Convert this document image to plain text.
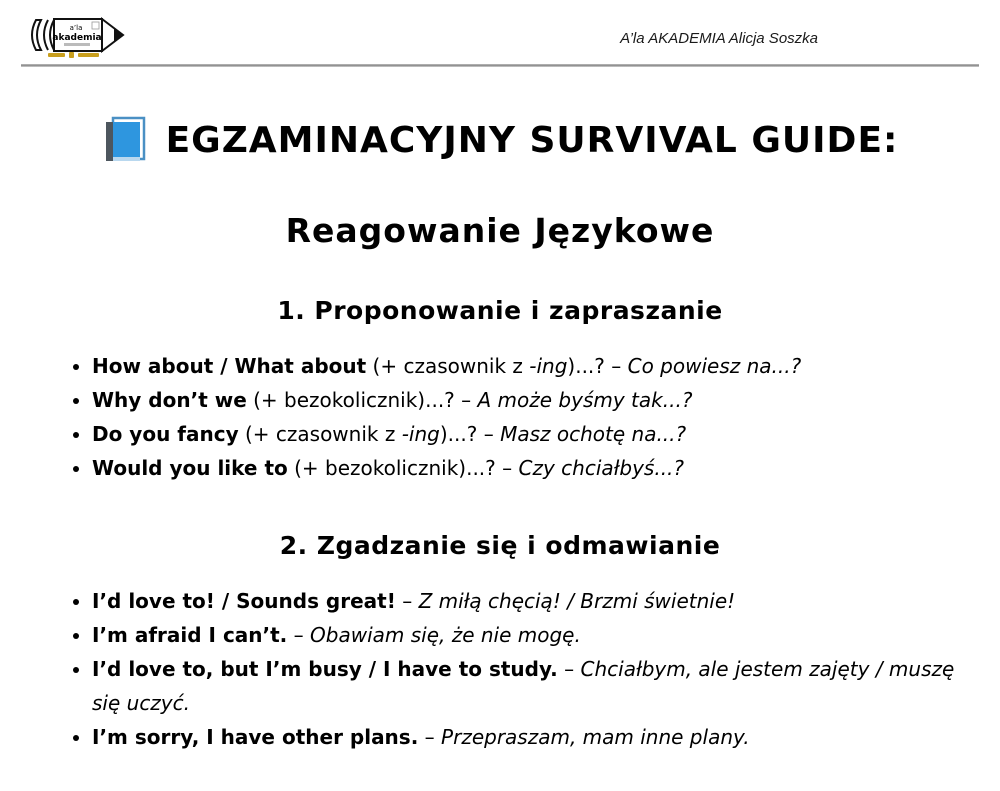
a’la
akademia	A’la AKADEMIA Alicja Soszka
EGZAMINACYJNY SURVIVAL GUIDE:
Reagowanie Językowe
1. Proponowanie i zapraszanie
• How about / What about (+ czasownik z -ing)...? – Co powiesz na...?
• Why don’t we (+ bezokolicznik)...? – A może byśmy tak...?
• Do you fancy (+ czasownik z -ing)...? – Masz ochotę na...?
• Would you like to (+ bezokolicznik)...? – Czy chciałbyś...?
2. Zgadzanie się i odmawianie
• I’d love to! / Sounds great! – Z miłą chęcią! / Brzmi świetnie!
• I’m afraid I can’t. – Obawiam się, że nie mogę.
• I’d love to, but I’m busy / I have to study. – Chciałbym, ale jestem zajęty / muszę się uczyć.
• I’m sorry, I have other plans. – Przepraszam, mam inne plany.
